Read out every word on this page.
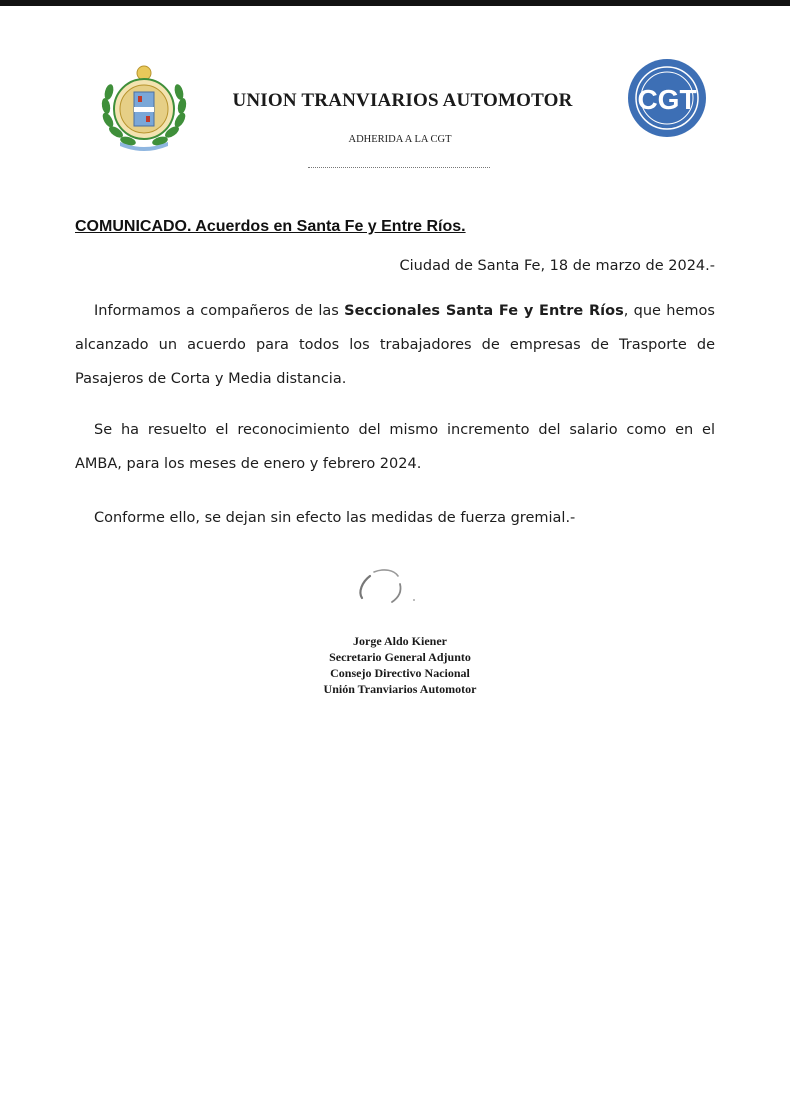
UNION TRANVIARIOS AUTOMOTOR
ADHERIDA A LA CGT
CGT
COMUNICADO. Acuerdos en Santa Fe y Entre Ríos.
Ciudad de Santa Fe, 18 de marzo de 2024.-
Informamos a compañeros de las Seccionales Santa Fe y Entre Ríos, que hemos alcanzado un acuerdo para todos los trabajadores de empresas de Trasporte de Pasajeros de Corta y Media distancia.
Se ha resuelto el reconocimiento del mismo incremento del salario como en el AMBA, para los meses de enero y febrero 2024.
Conforme ello, se dejan sin efecto las medidas de fuerza gremial.-
Jorge Aldo Kiener
Secretario General Adjunto
Consejo Directivo Nacional
Unión Tranviarios Automotor
